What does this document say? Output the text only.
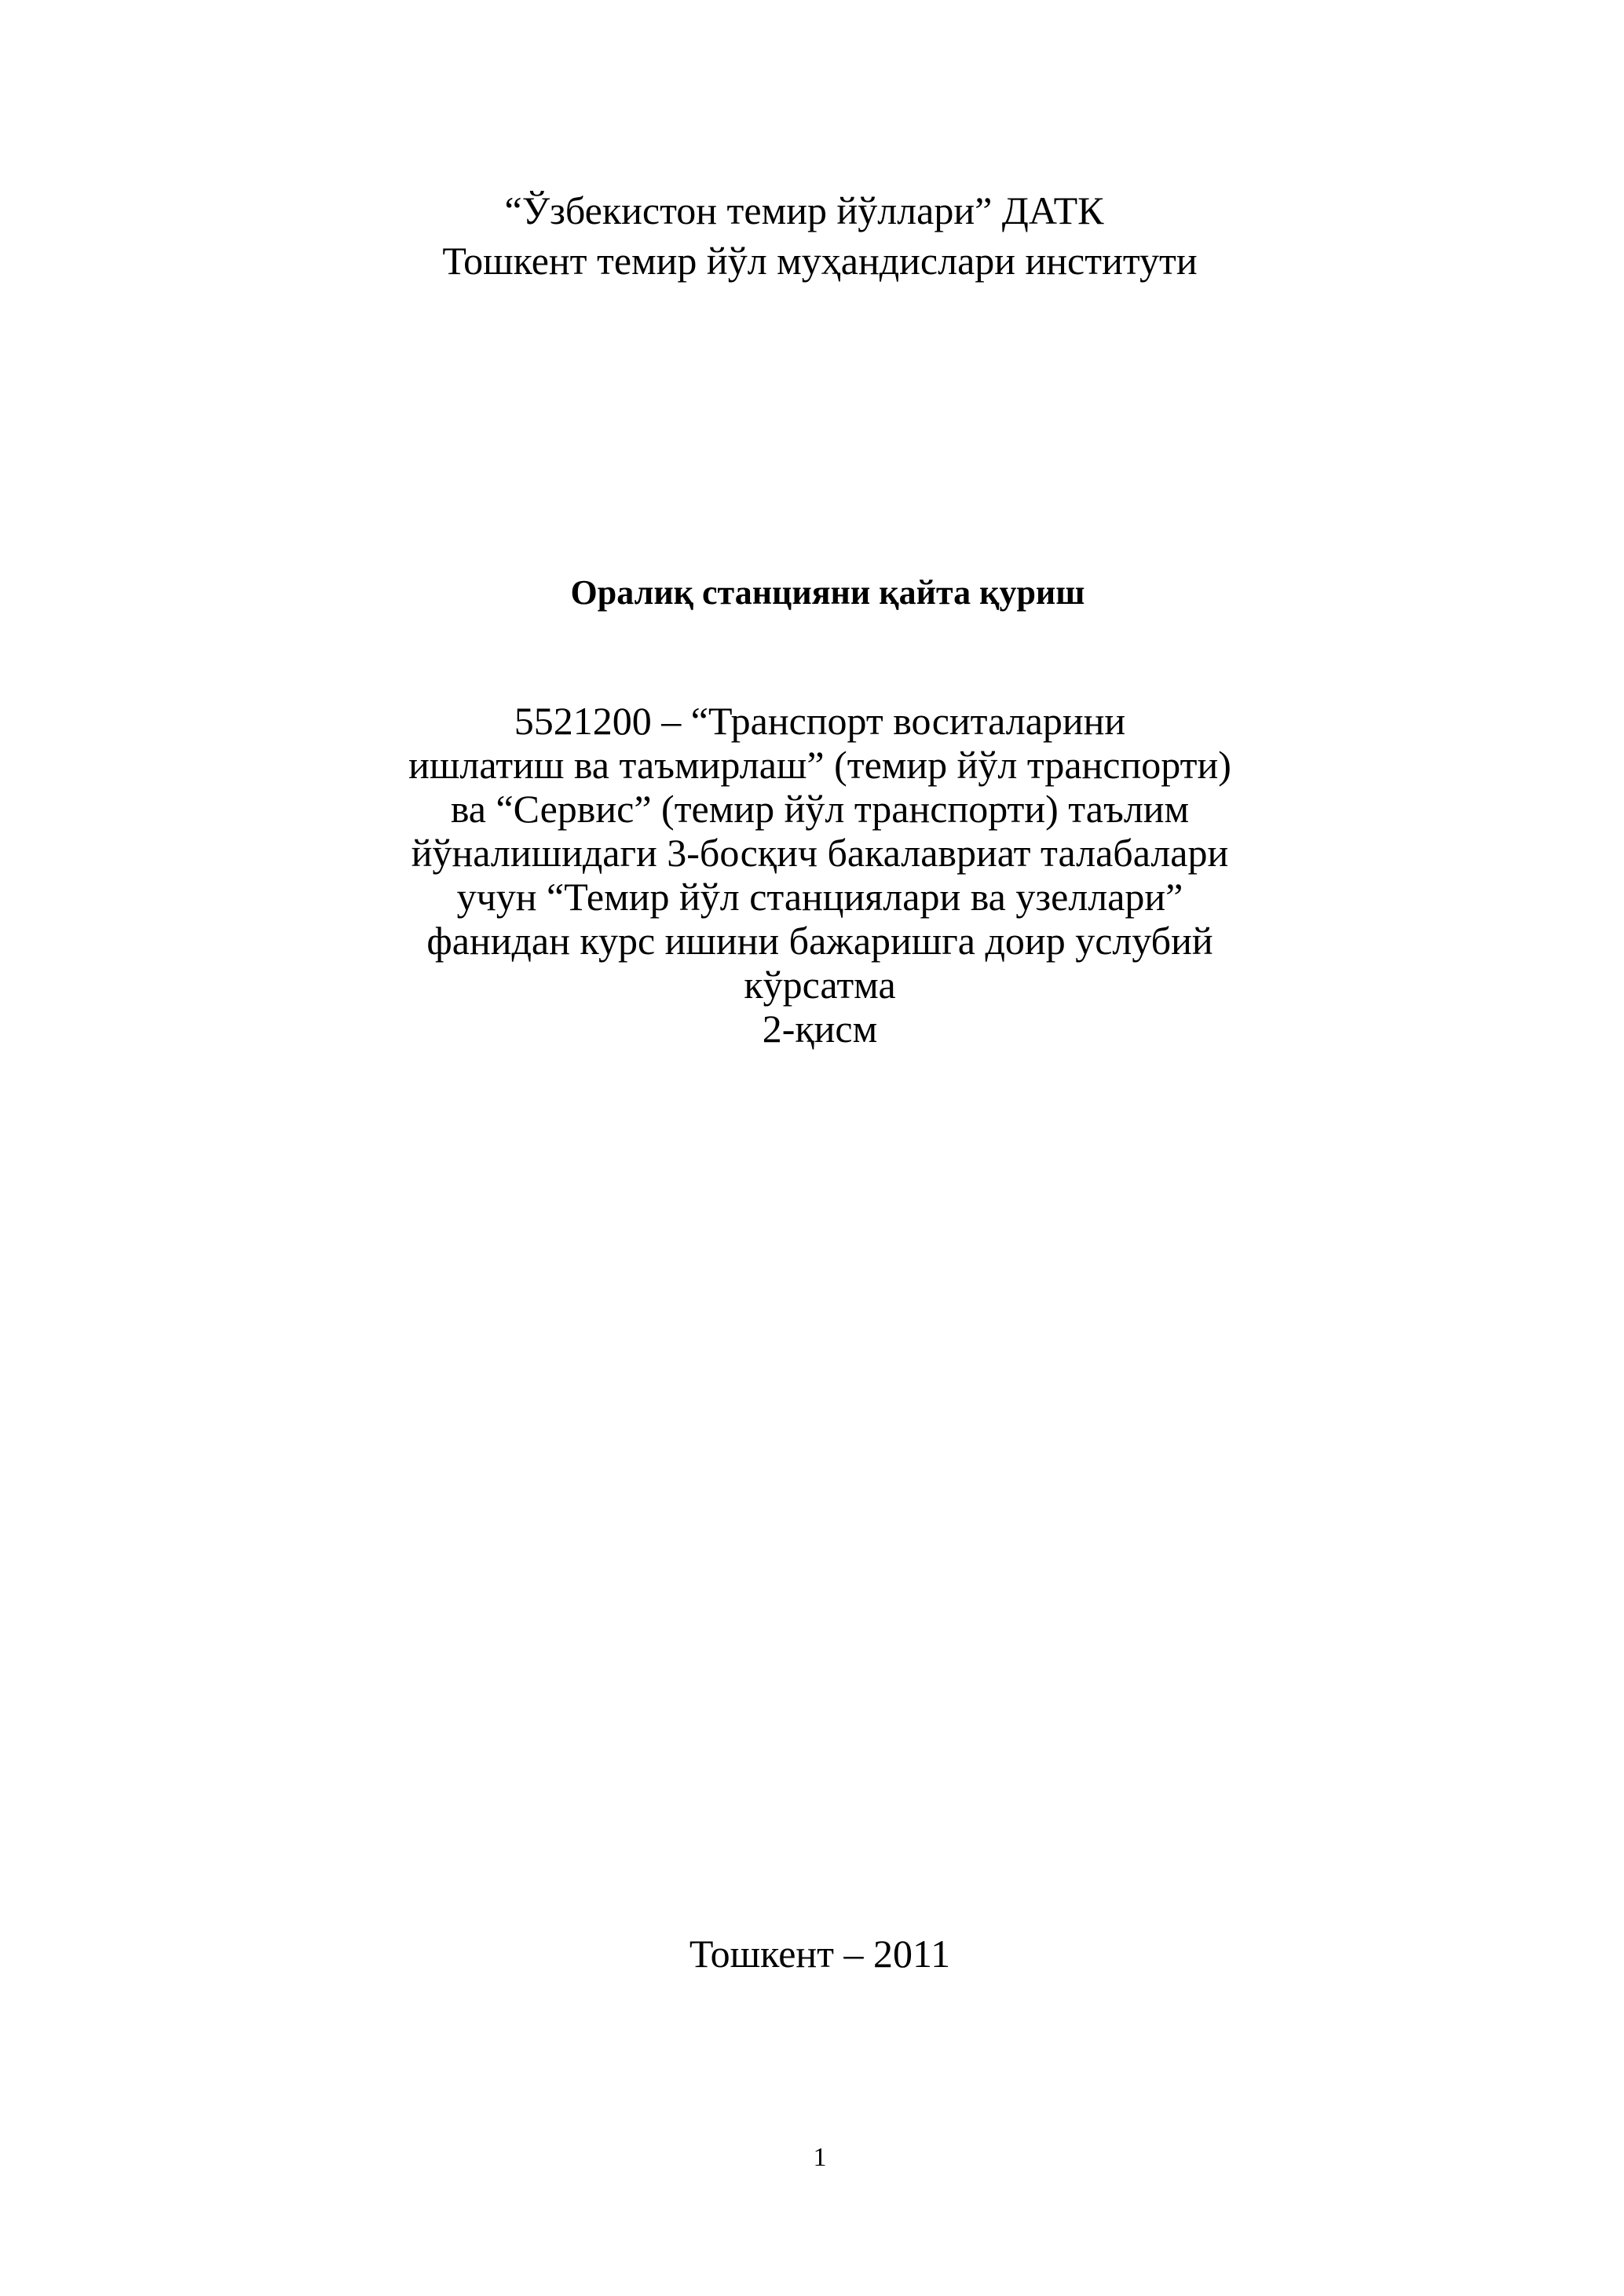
“Ўзбекистон темир йўллари” ДАТК
Тошкент темир йўл муҳандислари институти
Оралиқ станцияни қайта қуриш
5521200 – “Транспорт воситаларини
ишлатиш ва таъмирлаш” (темир йўл транспорти)
ва “Сервис” (темир йўл транспорти) таълим
йўналишидаги 3-босқич бакалавриат талабалари
учун “Темир йўл станциялари ва узеллари”
фанидан курс ишини бажаришга доир услубий
кўрсатма
2-қисм
Тошкент – 2011
1
